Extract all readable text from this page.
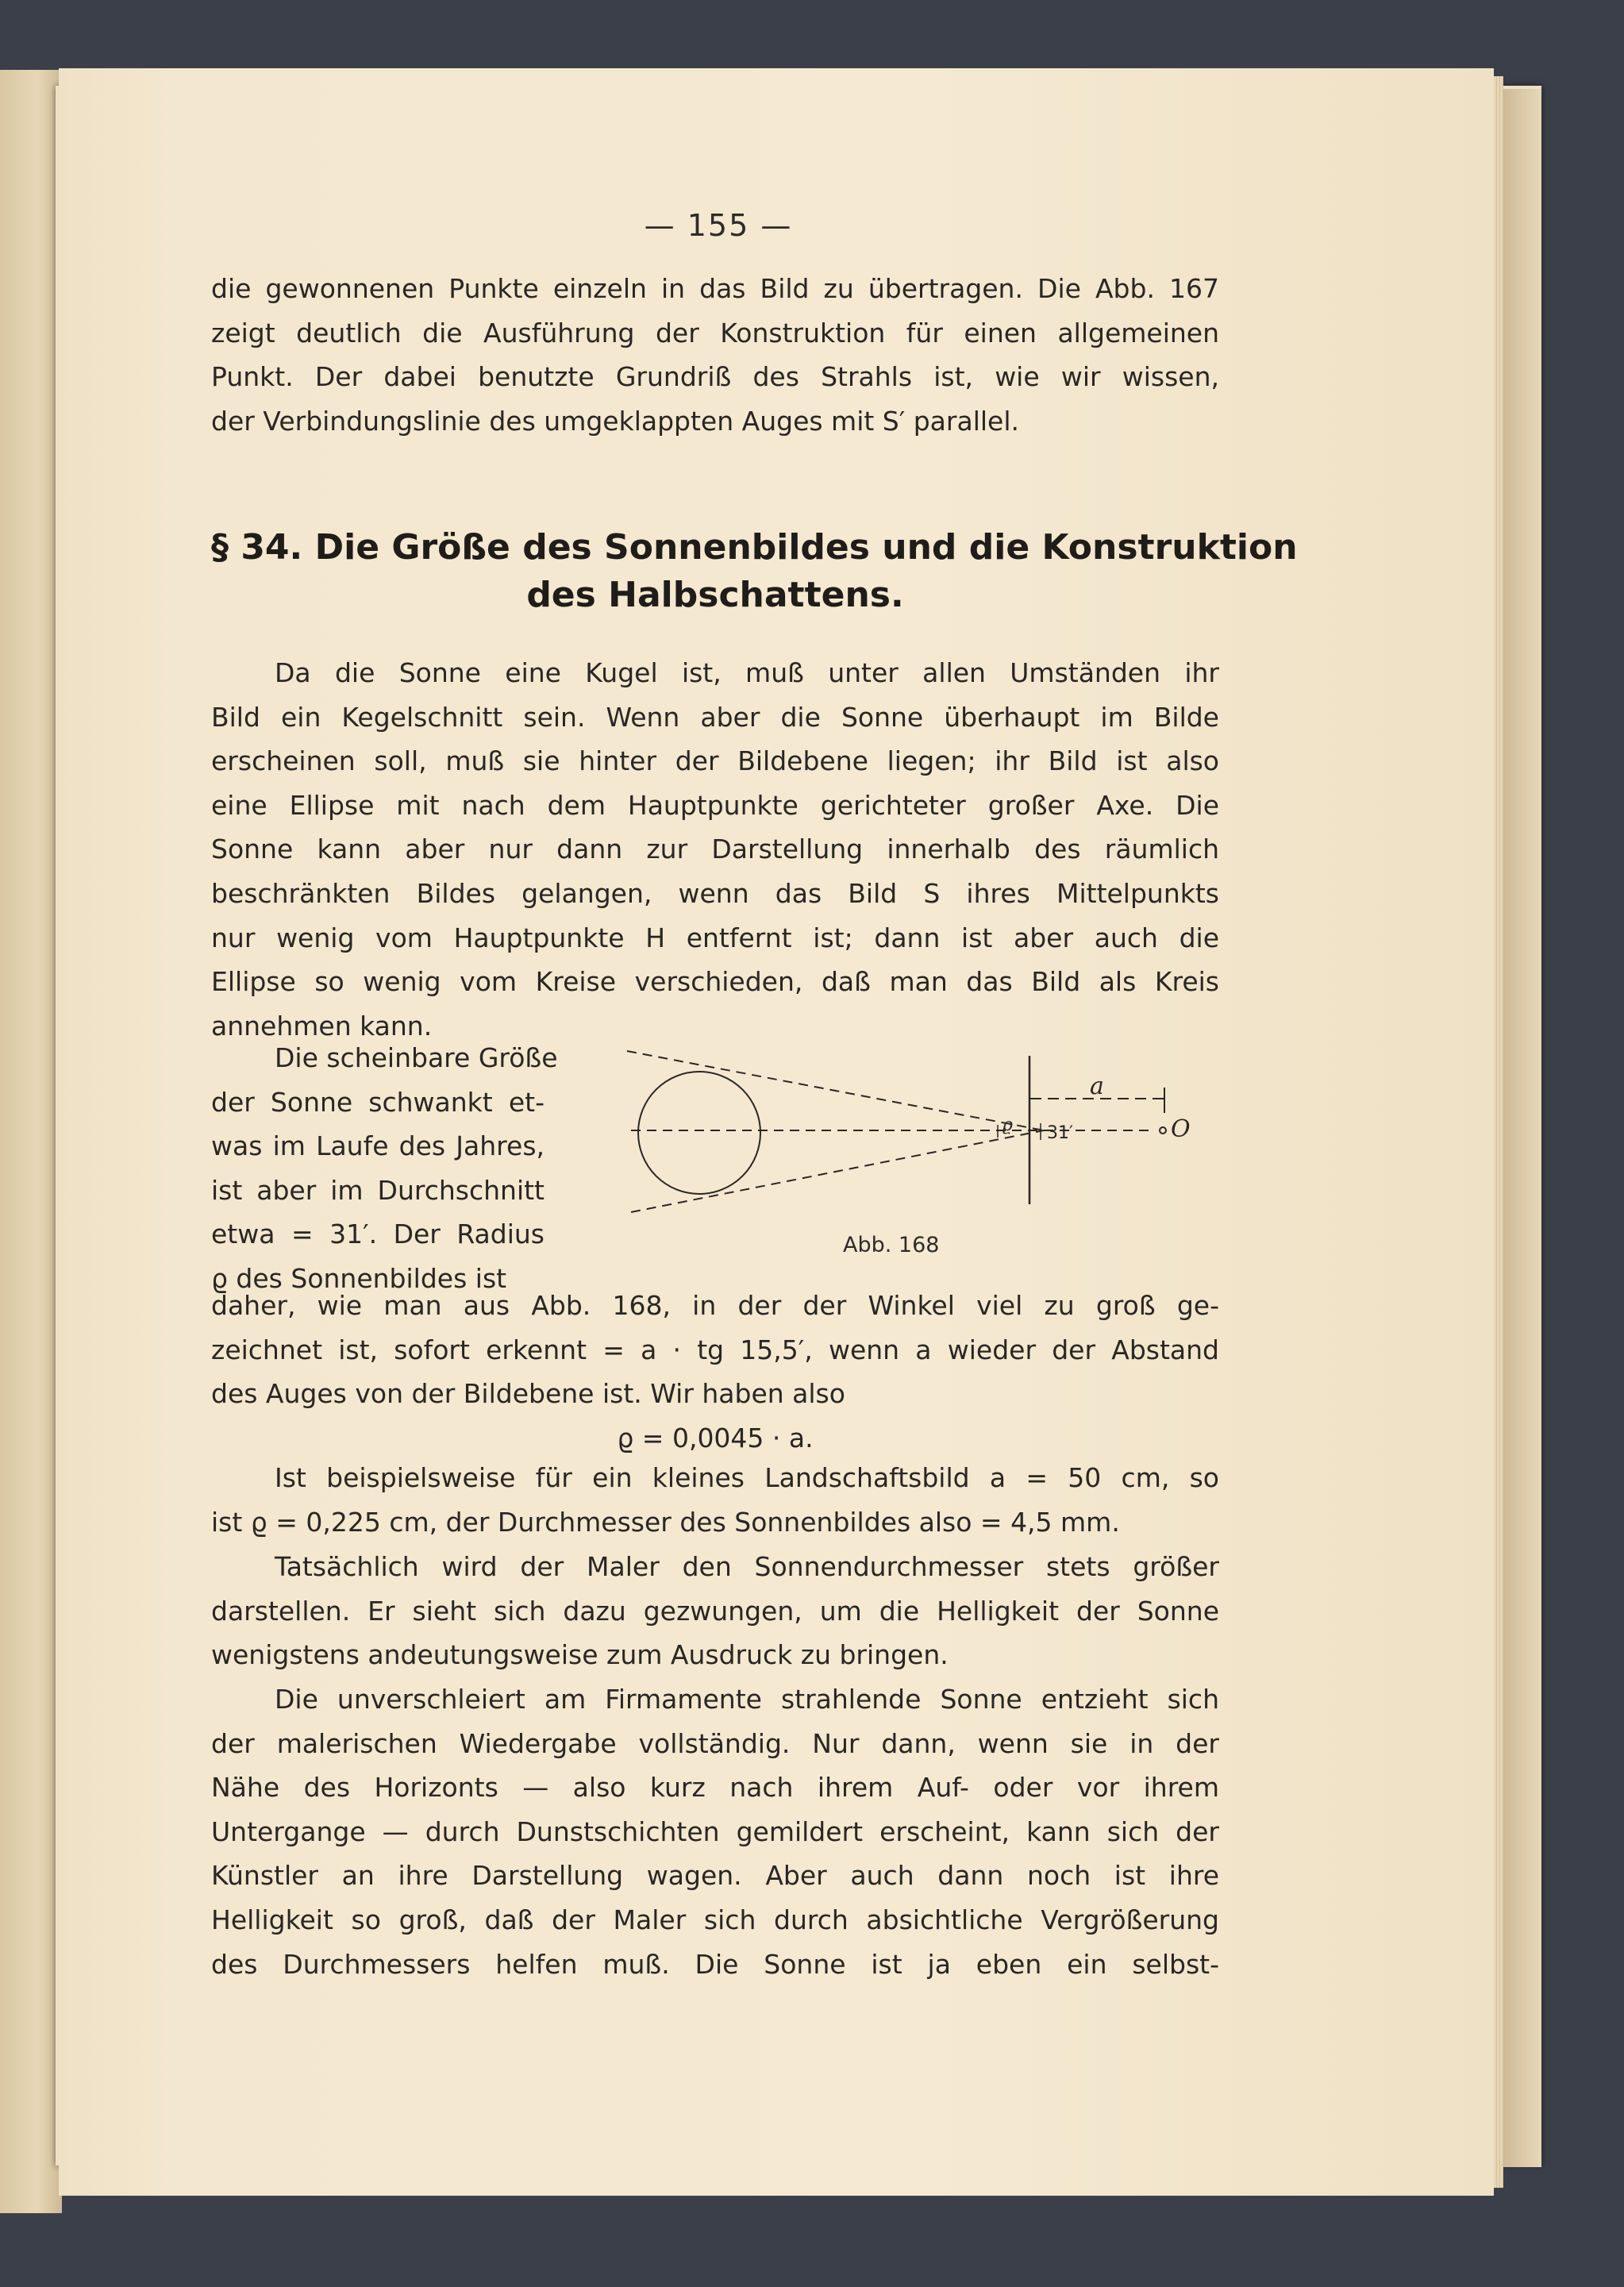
— 155 —
die gewonnenen Punkte einzeln in das Bild zu übertragen. Die Abb. 167
zeigt deutlich die Ausführung der Konstruktion für einen allgemeinen
Punkt. Der dabei benutzte Grundriß des Strahls ist, wie wir wissen,
der Verbindungslinie des umgeklappten Auges mit S′ parallel.
§ 34. Die Größe des Sonnenbildes und die Konstruktion
des Halbschattens.
Da die Sonne eine Kugel ist, muß unter allen Umständen ihr
Bild ein Kegelschnitt sein. Wenn aber die Sonne überhaupt im Bilde
erscheinen soll, muß sie hinter der Bildebene liegen; ihr Bild ist also
eine Ellipse mit nach dem Hauptpunkte gerichteter großer Axe. Die
Sonne kann aber nur dann zur Darstellung innerhalb des räumlich
beschränkten Bildes gelangen, wenn das Bild S ihres Mittelpunkts
nur wenig vom Hauptpunkte H entfernt ist; dann ist aber auch die
Ellipse so wenig vom Kreise verschieden, daß man das Bild als Kreis
annehmen kann.
Die scheinbare Größe
der Sonne schwankt et-
was im Laufe des Jahres,
ist aber im Durchschnitt
etwa = 31′. Der Radius
ϱ des Sonnenbildes ist
a
ϱ 31′	O
Abb. 168
daher, wie man aus Abb. 168, in der der Winkel viel zu groß ge-
zeichnet ist, sofort erkennt = a · tg 15,5′, wenn a wieder der Abstand
des Auges von der Bildebene ist. Wir haben also
ϱ = 0,0045 · a.
Ist beispielsweise für ein kleines Landschaftsbild a = 50 cm, so
ist ϱ = 0,225 cm, der Durchmesser des Sonnenbildes also = 4,5 mm.
Tatsächlich wird der Maler den Sonnendurchmesser stets größer
darstellen. Er sieht sich dazu gezwungen, um die Helligkeit der Sonne
wenigstens andeutungsweise zum Ausdruck zu bringen.
Die unverschleiert am Firmamente strahlende Sonne entzieht sich
der malerischen Wiedergabe vollständig. Nur dann, wenn sie in der
Nähe des Horizonts — also kurz nach ihrem Auf- oder vor ihrem
Untergange — durch Dunstschichten gemildert erscheint, kann sich der
Künstler an ihre Darstellung wagen. Aber auch dann noch ist ihre
Helligkeit so groß, daß der Maler sich durch absichtliche Vergrößerung
des Durchmessers helfen muß. Die Sonne ist ja eben ein selbst-
